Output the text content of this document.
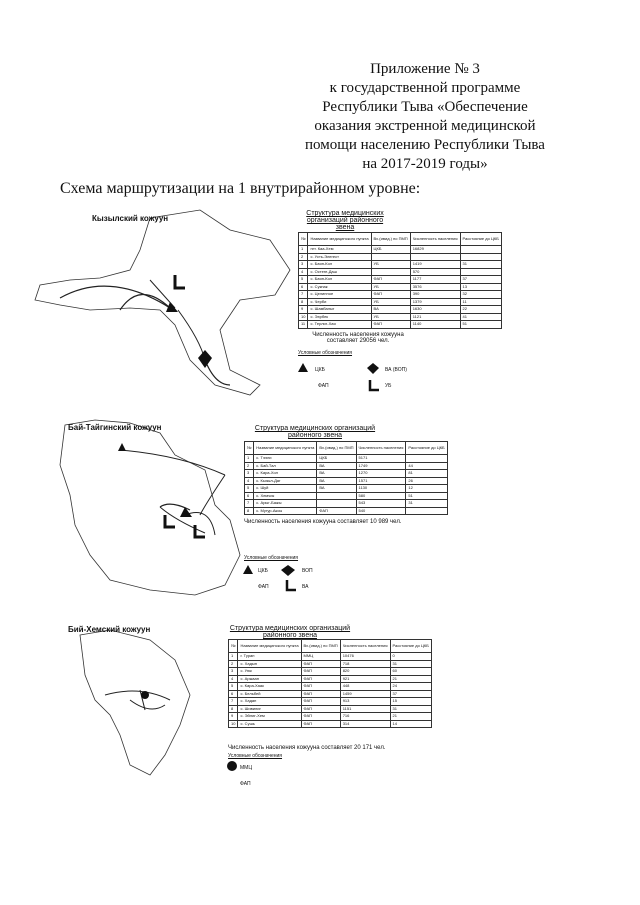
Приложение № 3
к государственной программе
Республики Тыва «Обеспечение
оказания экстренной медицинской
помощи населению Республики Тыва
на 2017-2019 годы»
Схема маршрутизации на 1 внутрирайонном уровне:
Кызылский кожуун
Структура медицинских организаций районного звена
№	Название медицинского пункта	Вх.(ивид.) по ПМП	Численность населения	Расстояние до ЦКБ
1	пгт. Каа-Хем	ЦКБ	16829	
2	с. Усть-Элегест			
3	с. Баян-Кол	УБ	1419	31
4	с. Остеге-Даш		570	
5	с. Баян-Кол	ФАП	1177	37
6	с. Сукпак	УБ	3576	13
7	с. Целинное	ФАП	390	32
8	с. Черби	УБ	1379	11
9	с. Шамбалыг	ВА	1630	22
10	с. Ээрбек	УБ	1121	41
11	с. Терлиг-Хая	ФАП	1140	51
Численность населения кожууна составляет 29056 чел.
Условные обозначения
ЦКБ	ВА (ВОП)
ФАП	УБ
Бай-Тайгинский кожуун	Структура медицинских организаций районного звена
№	Название медицинского пункта	Вх.(ивид.) по ПМП	Численность населения	Расстояние до ЦКБ
1	с. Тээли	ЦКБ	5171	
2	с. Бай-Тал	ВА	1749	44
3	с. Кара-Хол	ВА	1270	81
4	с. Кызыл-Даг	ВА	1571	26
5	с. Шуй	ВА	1130	12
6	с. Хемчик		580	51
7	с. Арыг-Бажы		543	31
8	с. Мугур-Аксы	ФАП	540	
Численность населения кожууна составляет 10 989 чел.
Условные обозначения
ЦКБ	ВОП
ФАП	ВА
Бий-Хемский кожуун	Структура медицинских организаций районного звена
№	Название медицинского пункта	Вх.(ивид.) по ПМП	Численность населения	Расстояние до ЦКБ
1	г. Туран	ММЦ	10476	0
2	с. Хадын	ФАП	718	31
3	с. Уюк	ФАП	820	60
4	с. Аржаан	ФАП	921	21
5	с. Кара-Хаак	ФАП	448	24
6	с. Бельбей	ФАП	1459	37
7	с. Хадан	ФАП	913	15
8	с. Шивилиг	ФАП	1151	31
9	с. Эйлиг-Хем	ФАП	716	21
10	с. Сушь	ФАП	314	14
Численность населения кожууна составляет 20 171 чел.
Условные обозначения
ММЦ
ФАП
